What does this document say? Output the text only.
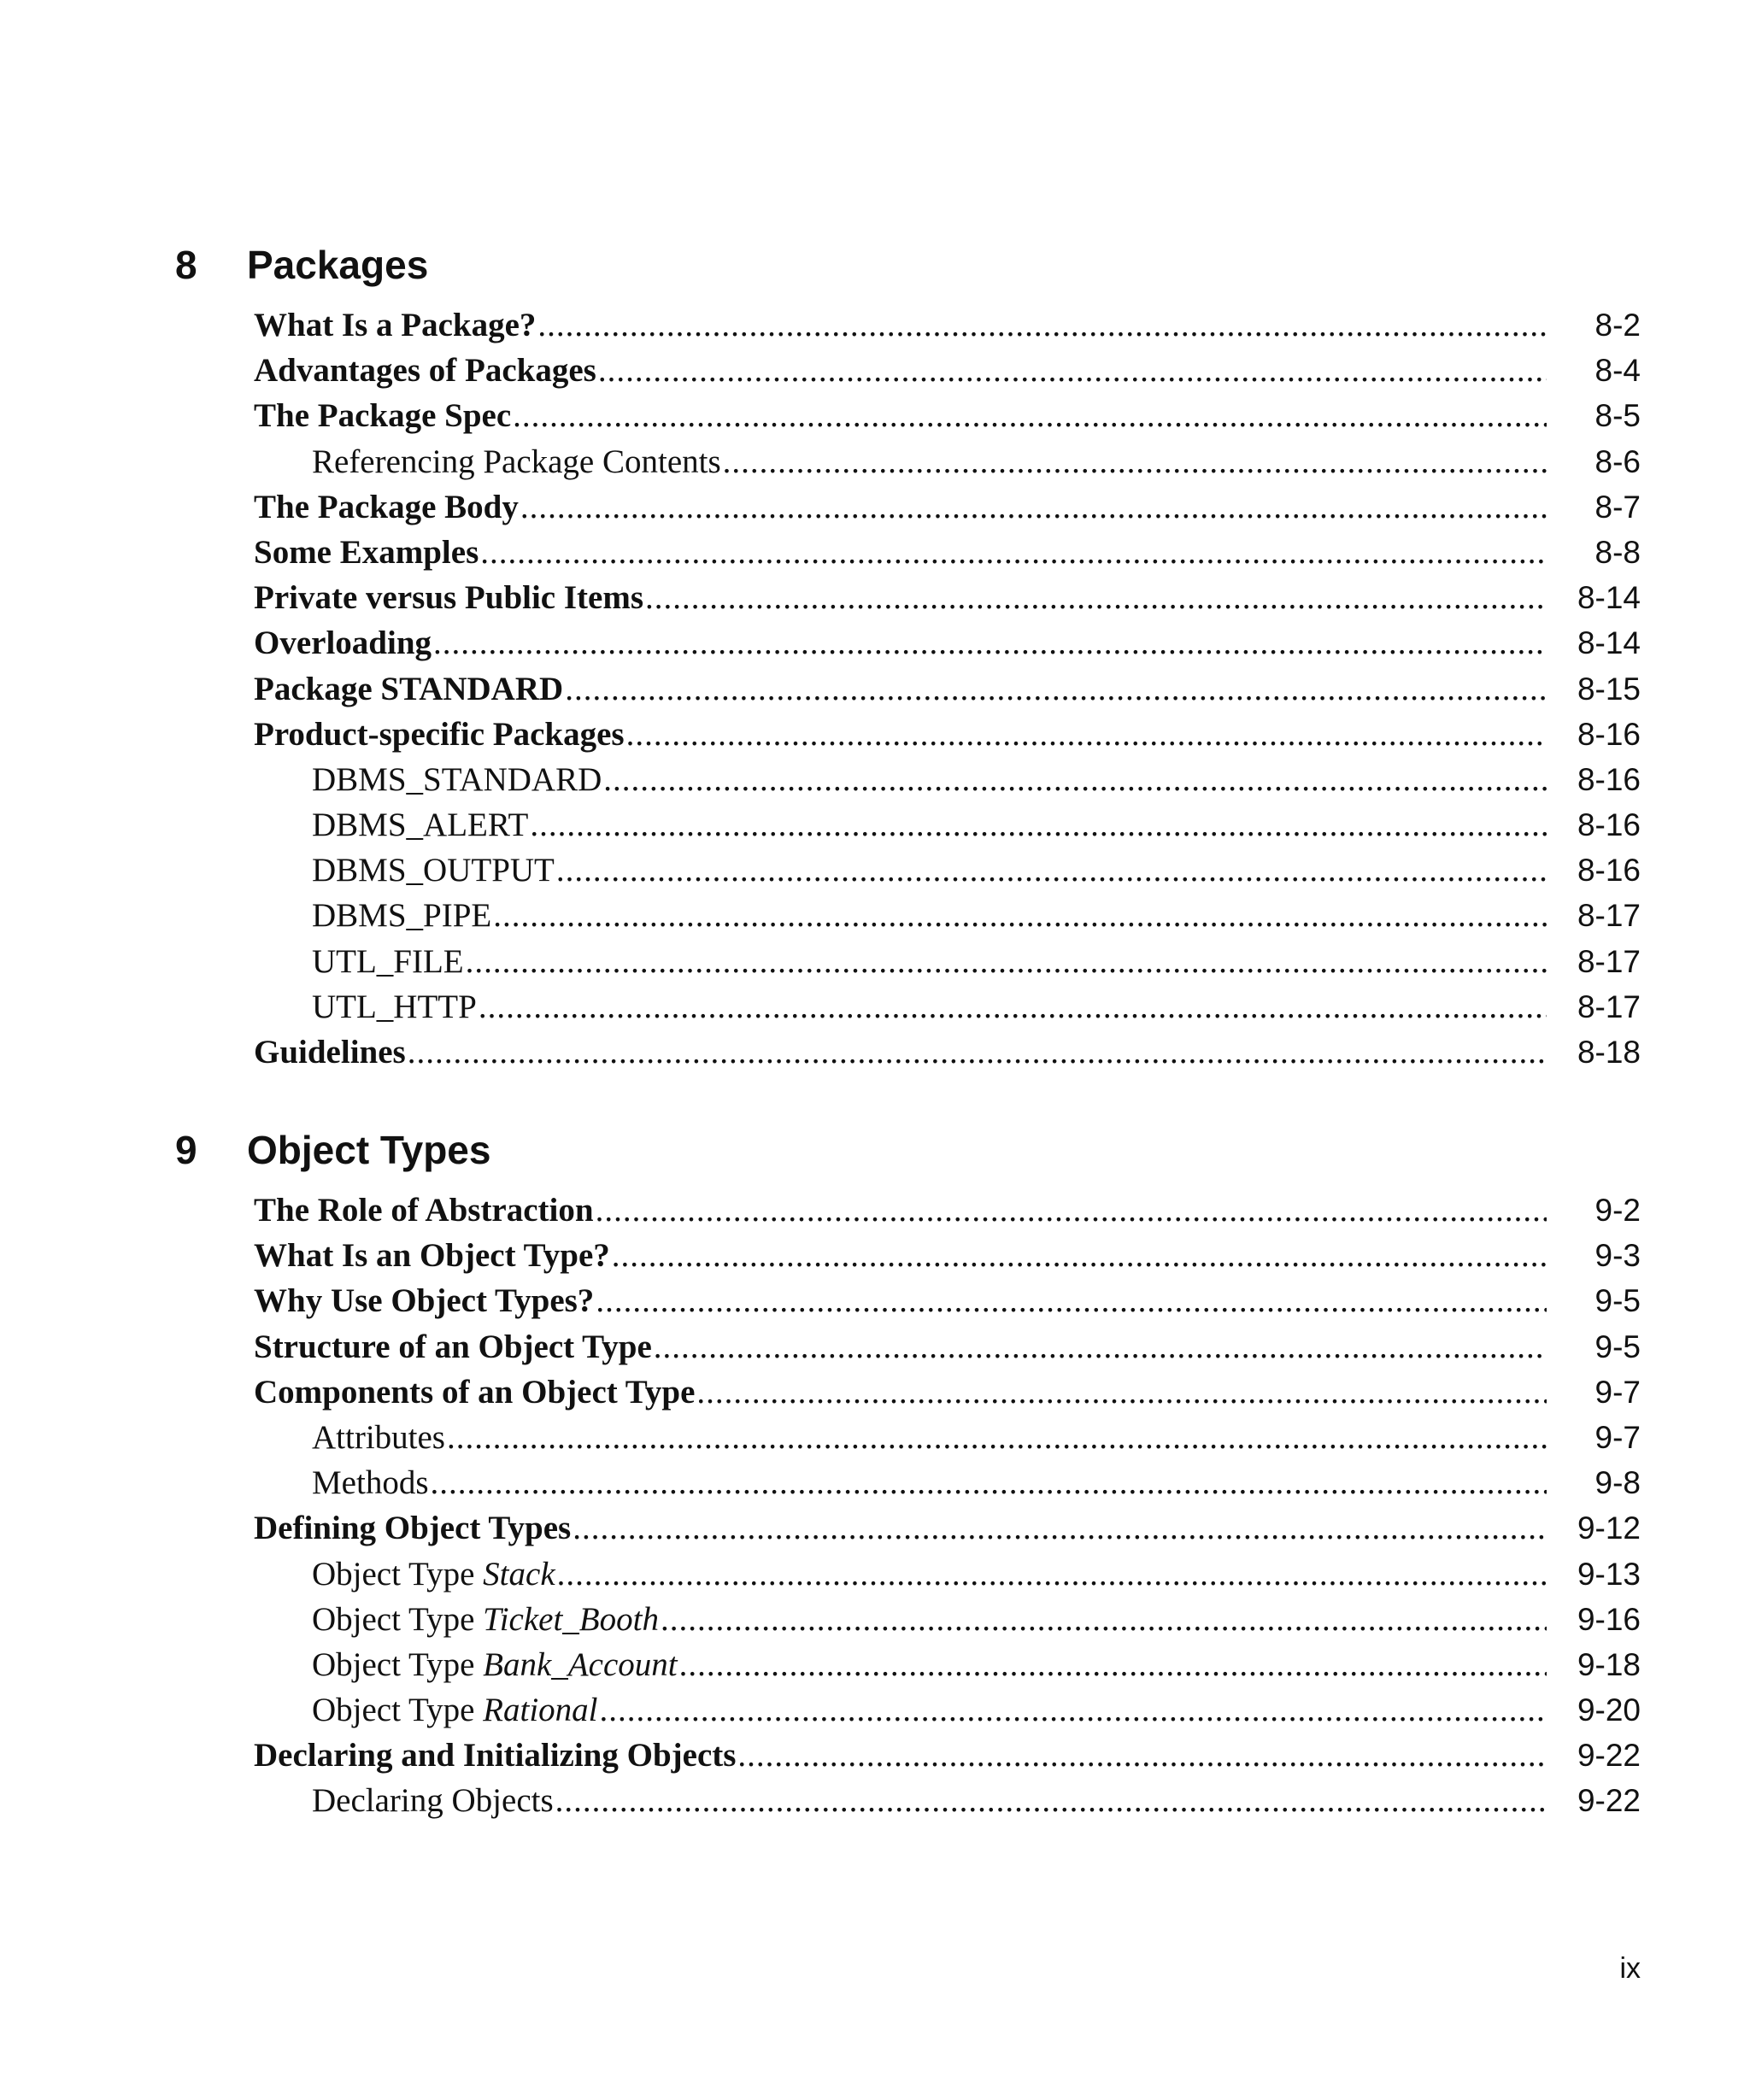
8 Packages
What Is a Package? .....	8-2
Advantages of Packages .....	8-4
The Package Spec .....	8-5
Referencing Package Contents .....	8-6
The Package Body .....	8-7
Some Examples .....	8-8
Private versus Public Items .....	8-14
Overloading .....	8-14
Package STANDARD .....	8-15
Product-specific Packages .....	8-16
DBMS_STANDARD .....	8-16
DBMS_ALERT .....	8-16
DBMS_OUTPUT .....	8-16
DBMS_PIPE .....	8-17
UTL_FILE .....	8-17
UTL_HTTP .....	8-17
Guidelines .....	8-18
9 Object Types
The Role of Abstraction .....	9-2
What Is an Object Type? .....	9-3
Why Use Object Types? .....	9-5
Structure of an Object Type .....	9-5
Components of an Object Type .....	9-7
Attributes .....	9-7
Methods .....	9-8
Defining Object Types .....	9-12
Object Type Stack .....	9-13
Object Type Ticket_Booth .....	9-16
Object Type Bank_Account .....	9-18
Object Type Rational .....	9-20
Declaring and Initializing Objects .....	9-22
Declaring Objects .....	9-22

ix
